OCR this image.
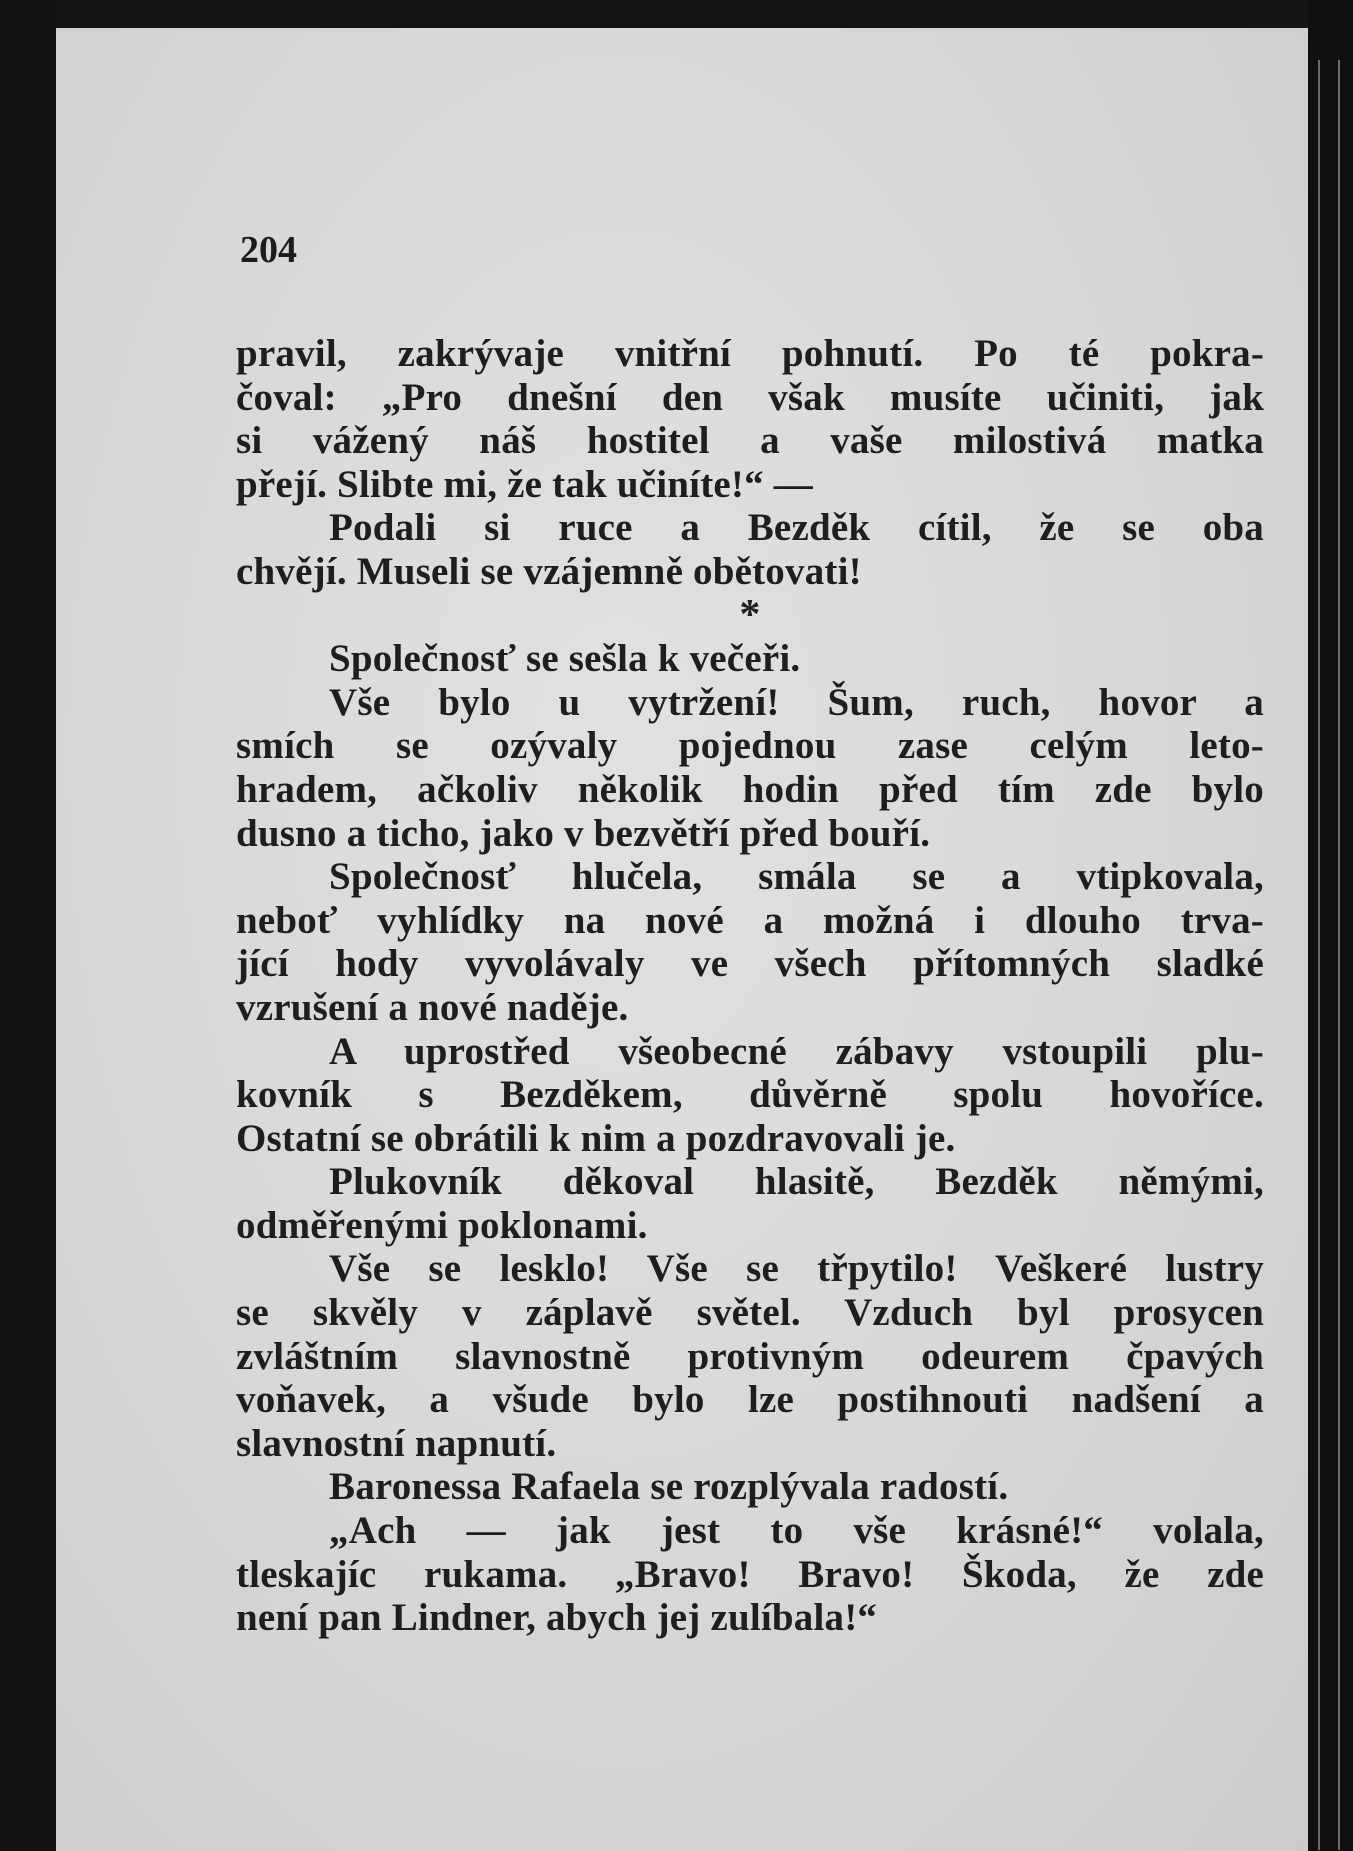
204
pravil, zakrývaje vnitřní pohnutí. Po té pokra-
čoval: „Pro dnešní den však musíte učiniti, jak
si vážený náš hostitel a vaše milostivá matka
přejí. Slibte mi, že tak učiníte!“ —
Podali si ruce a Bezděk cítil, že se oba
chvějí. Museli se vzájemně obětovati!
*
Společnosť se sešla k večeři.
Vše bylo u vytržení! Šum, ruch, hovor a
smích se ozývaly pojednou zase celým leto-
hradem, ačkoliv několik hodin před tím zde bylo
dusno a ticho, jako v bezvětří před bouří.
Společnosť hlučela, smála se a vtipkovala,
neboť vyhlídky na nové a možná i dlouho trva-
jící hody vyvolávaly ve všech přítomných sladké
vzrušení a nové naděje.
A uprostřed všeobecné zábavy vstoupili plu-
kovník s Bezděkem, důvěrně spolu hovoříce.
Ostatní se obrátili k nim a pozdravovali je.
Plukovník děkoval hlasitě, Bezděk němými,
odměřenými poklonami.
Vše se lesklo! Vše se třpytilo! Veškeré lustry
se skvěly v záplavě světel. Vzduch byl prosycen
zvláštním slavnostně protivným odeurem čpavých
voňavek, a všude bylo lze postihnouti nadšení a
slavnostní napnutí.
Baronessa Rafaela se rozplývala radostí.
„Ach — jak jest to vše krásné!“ volala,
tleskajíc rukama. „Bravo! Bravo! Škoda, že zde
není pan Lindner, abych jej zulíbala!“
